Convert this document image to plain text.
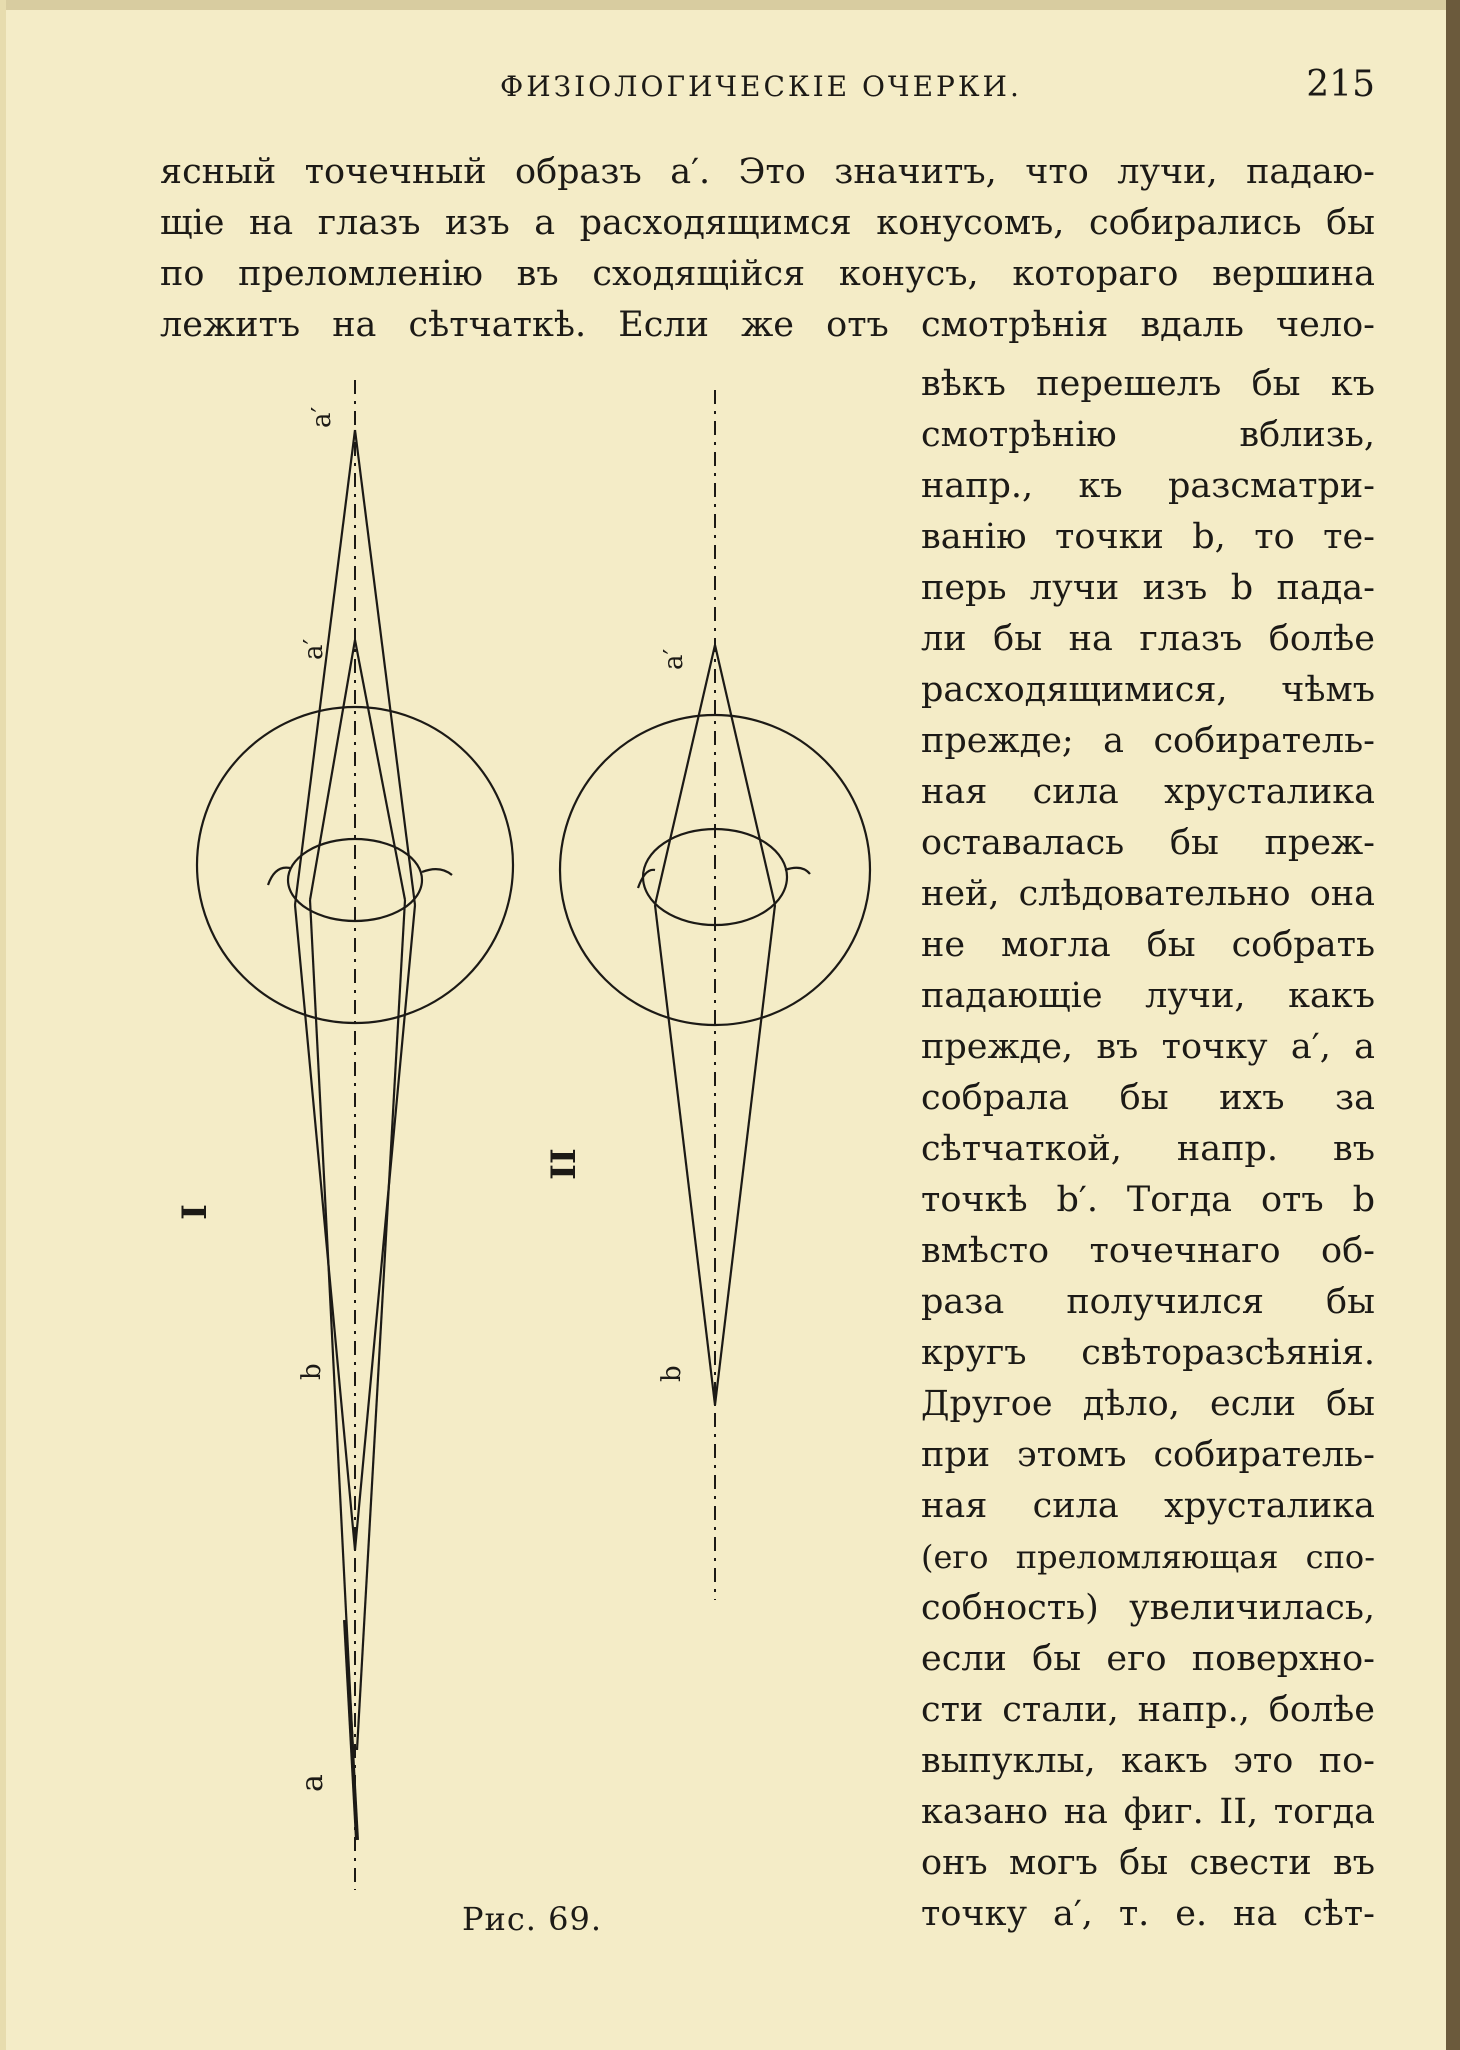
ФИЗІОЛОГИЧЕСКІЕ ОЧЕРКИ.	215
ясный точечный образъ a′. Это значитъ, что лучи, падаю-
щіе на глазъ изъ a расходящимся конусомъ, собирались бы
по преломленію въ сходящійся конусъ, котораго вершина
лежитъ на сѣтчаткѣ. Если же отъ смотрѣнія вдаль чело-
вѣкъ перешелъ бы къ
смотрѣнію вблизь,
напр., къ разсматри-
ванію точки b, то те-
перь лучи изъ b пада-
ли бы на глазъ болѣе
расходящимися, чѣмъ
прежде; а собиратель-
ная сила хрусталика
оставалась бы преж-
ней, слѣдовательно она
не могла бы собрать
падающіе лучи, какъ
прежде, въ точку a′, а
собрала бы ихъ за
сѣтчаткой, напр. въ
точкѣ b′. Тогда отъ b
вмѣсто точечнаго об-
раза получился бы
кругъ свѣторазсѣянія.
Другое дѣло, если бы
при этомъ собиратель-
ная сила хрусталика
(его преломляющая спо-
собность) увеличилась,
если бы его поверхно-
сти стали, напр., болѣе
выпуклы, какъ это по-
казано на фиг. II, тогда
онъ могъ бы свести въ
точку a′, т. е. на сѣт-
a′
a′
b
a
I
a′
b
II
Рис. 69.
